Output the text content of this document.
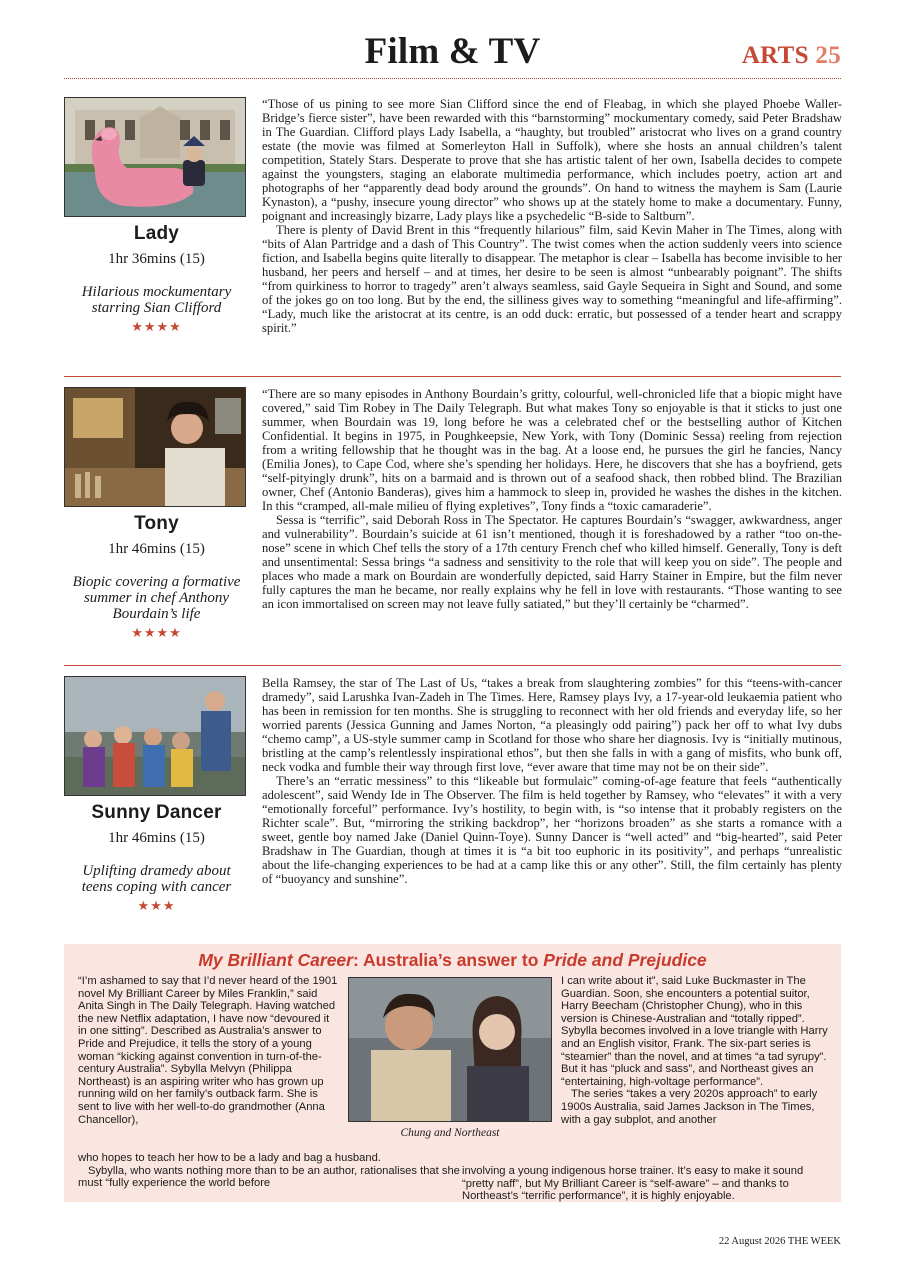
Film & TV	ARTS 25
Lady
1hr 36mins (15)
Hilarious mockumentary starring Sian Clifford
★★★★

“Those of us pining to see more Sian Clifford since the end of Fleabag, in which she played Phoebe Waller-Bridge’s fierce sister”, have been rewarded with this “barnstorming” mockumentary comedy, said Peter Bradshaw in The Guardian. Clifford plays Lady Isabella, a “haughty, but troubled” aristocrat who lives on a grand country estate (the movie was filmed at Somerleyton Hall in Suffolk), where she hosts an annual children’s talent competition, Stately Stars. Desperate to prove that she has artistic talent of her own, Isabella decides to compete against the youngsters, staging an elaborate multimedia performance, which includes poetry, action art and photographs of her “apparently dead body around the grounds”. On hand to witness the mayhem is Sam (Laurie Kynaston), a “pushy, insecure young director” who shows up at the stately home to make a documentary. Funny, poignant and increasingly bizarre, Lady plays like a psychedelic “B-side to Saltburn”.

There is plenty of David Brent in this “frequently hilarious” film, said Kevin Maher in The Times, along with “bits of Alan Partridge and a dash of This Country”. The twist comes when the action suddenly veers into science fiction, and Isabella begins quite literally to disappear. The metaphor is clear – Isabella has become invisible to her husband, her peers and herself – and at times, her desire to be seen is almost “unbearably poignant”. The shifts “from quirkiness to horror to tragedy” aren’t always seamless, said Gayle Sequeira in Sight and Sound, and some of the jokes go on too long. But by the end, the silliness gives way to something “meaningful and life-affirming”. “Lady, much like the aristocrat at its centre, is an odd duck: erratic, but possessed of a tender heart and scrappy spirit.”

Tony
1hr 46mins (15)
Biopic covering a formative summer in chef Anthony Bourdain’s life
★★★★

“There are so many episodes in Anthony Bourdain’s gritty, colourful, well-chronicled life that a biopic might have covered,” said Tim Robey in The Daily Telegraph. But what makes Tony so enjoyable is that it sticks to just one summer, when Bourdain was 19, long before he was a celebrated chef or the bestselling author of Kitchen Confidential. It begins in 1975, in Poughkeepsie, New York, with Tony (Dominic Sessa) reeling from rejection from a writing fellowship that he thought was in the bag. At a loose end, he pursues the girl he fancies, Nancy (Emilia Jones), to Cape Cod, where she’s spending her holidays. Here, he discovers that she has a boyfriend, gets “self-pityingly drunk”, hits on a barmaid and is thrown out of a seafood shack, then robbed blind. The Brazilian owner, Chef (Antonio Banderas), gives him a hammock to sleep in, provided he washes the dishes in the kitchen. In this “cramped, all-male milieu of flying expletives”, Tony finds a “toxic camaraderie”.

Sessa is “terrific”, said Deborah Ross in The Spectator. He captures Bourdain’s “swagger, awkwardness, anger and vulnerability”. Bourdain’s suicide at 61 isn’t mentioned, though it is foreshadowed by a rather “too on-the-nose” scene in which Chef tells the story of a 17th century French chef who killed himself. Generally, Tony is deft and unsentimental: Sessa brings “a sadness and sensitivity to the role that will keep you on side”. The people and places who made a mark on Bourdain are wonderfully depicted, said Harry Stainer in Empire, but the film never fully captures the man he became, nor really explains why he fell in love with restaurants. “Those wanting to see an icon immortalised on screen may not leave fully satiated,” but they’ll certainly be “charmed”.

Sunny Dancer
1hr 46mins (15)
Uplifting dramedy about teens coping with cancer
★★★

Bella Ramsey, the star of The Last of Us, “takes a break from slaughtering zombies” for this “teens-with-cancer dramedy”, said Larushka Ivan-Zadeh in The Times. Here, Ramsey plays Ivy, a 17-year-old leukaemia patient who has been in remission for ten months. She is struggling to reconnect with her old friends and everyday life, so her worried parents (Jessica Gunning and James Norton, “a pleasingly odd pairing”) pack her off to what Ivy dubs “chemo camp”, a US-style summer camp in Scotland for those who share her diagnosis. Ivy is “initially mutinous, bristling at the camp’s relentlessly inspirational ethos”, but then she falls in with a gang of misfits, who bunk off, neck vodka and fumble their way through first love, “ever aware that time may not be on their side”.

There’s an “erratic messiness” to this “likeable but formulaic” coming-of-age feature that feels “authentically adolescent”, said Wendy Ide in The Observer. The film is held together by Ramsey, who “elevates” it with a very “emotionally forceful” performance. Ivy’s hostility, to begin with, is “so intense that it probably registers on the Richter scale”. But, “mirroring the striking backdrop”, her “horizons broaden” as she starts a romance with a sweet, gentle boy named Jake (Daniel Quinn-Toye). Sunny Dancer is “well acted” and “big-hearted”, said Peter Bradshaw in The Guardian, though at times it is “a bit too euphoric in its positivity”, and perhaps “unrealistic about the life-changing experiences to be had at a camp like this or any other”. Still, the film certainly has plenty of “buoyancy and sunshine”.

My Brilliant Career: Australia’s answer to Pride and Prejudice

“I’m ashamed to say that I’d never heard of the 1901 novel My Brilliant Career by Miles Franklin,” said Anita Singh in The Daily Telegraph. Having watched the new Netflix adaptation, I have now “devoured it in one sitting”. Described as Australia’s answer to Pride and Prejudice, it tells the story of a young woman “kicking against convention in turn-of-the-century Australia”. Sybylla Melvyn (Philippa Northeast) is an aspiring writer who has grown up running wild on her family’s outback farm. She is sent to live with her well-to-do grandmother (Anna Chancellor),

who hopes to teach her how to be a lady and bag a husband.

Sybylla, who wants nothing more than to be an author, rationalises that she must “fully experience the world before

Chung and Northeast

I can write about it”, said Luke Buckmaster in The Guardian. Soon, she encounters a potential suitor, Harry Beecham (Christopher Chung), who in this version is Chinese-Australian and “totally ripped”. Sybylla becomes involved in a love triangle with Harry and an English visitor, Frank. The six-part series is “steamier” than the novel, and at times “a tad syrupy”. But it has “pluck and sass”, and Northeast gives an “entertaining, high-voltage performance”.

The series “takes a very 2020s approach” to early 1900s Australia, said James Jackson in The Times, with a gay subplot, and another

involving a young indigenous horse trainer. It’s easy to make it sound “pretty naff”, but My Brilliant Career is “self-aware” – and thanks to Northeast’s “terrific performance”, it is highly enjoyable.

22 August 2026 THE WEEK
